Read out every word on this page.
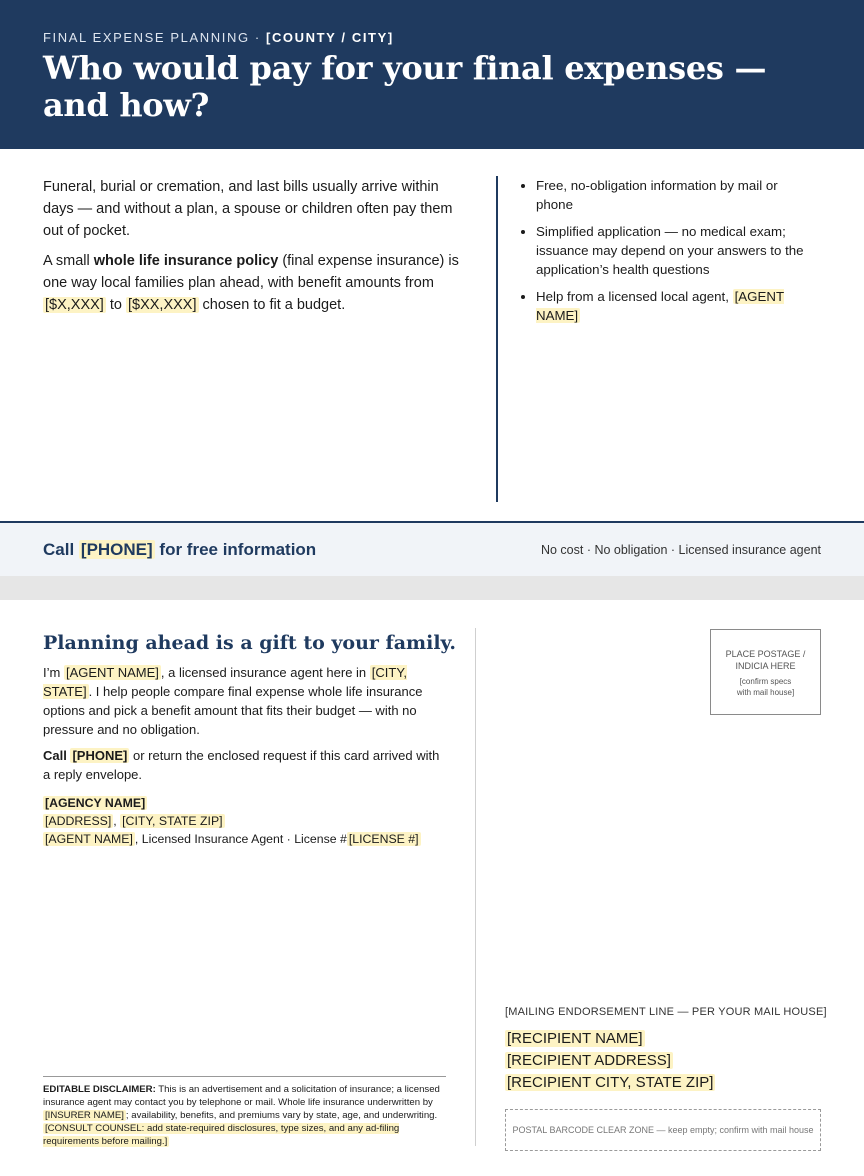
FINAL EXPENSE PLANNING · [COUNTY / CITY]
Who would pay for your final expenses — and how?

Funeral, burial or cremation, and last bills usually arrive within days — and without a plan, a spouse or children often pay them out of pocket.

A small whole life insurance policy (final expense insurance) is one way local families plan ahead, with benefit amounts from [$X,XXX] to [$XX,XXX] chosen to fit a budget.

• Free, no-obligation information by mail or phone
• Simplified application — no medical exam; issuance may depend on your answers to the application’s health questions
• Help from a licensed local agent, [AGENT NAME]
Call [PHONE] for free information	No cost · No obligation · Licensed insurance agent
Planning ahead is a gift to your family.

I’m [AGENT NAME] , a licensed insurance agent here in [CITY, STATE] . I help people compare final expense whole life insurance options and pick a benefit amount that fits their budget — with no pressure and no obligation.

Call [PHONE] or return the enclosed request if this card arrived with a reply envelope.

[AGENCY NAME]
[ADDRESS] , [CITY, STATE ZIP]
[AGENT NAME] , Licensed Insurance Agent · License # [LICENSE #]
EDITABLE DISCLAIMER: This is an advertisement and a solicitation of insurance; a licensed insurance agent may contact you by telephone or mail. Whole life insurance underwritten by [INSURER NAME] ; availability, benefits, and premiums vary by state, age, and underwriting. [CONSULT COUNSEL: add state-required disclosures, type sizes, and any ad-filing requirements before mailing.]
PLACE POSTAGE /
INDICIA HERE
[confirm specs
with mail house]
[MAILING ENDORSEMENT LINE — PER YOUR MAIL HOUSE]
[RECIPIENT NAME]
[RECIPIENT ADDRESS]
[RECIPIENT CITY, STATE ZIP]
POSTAL BARCODE CLEAR ZONE — keep empty; confirm with mail house
